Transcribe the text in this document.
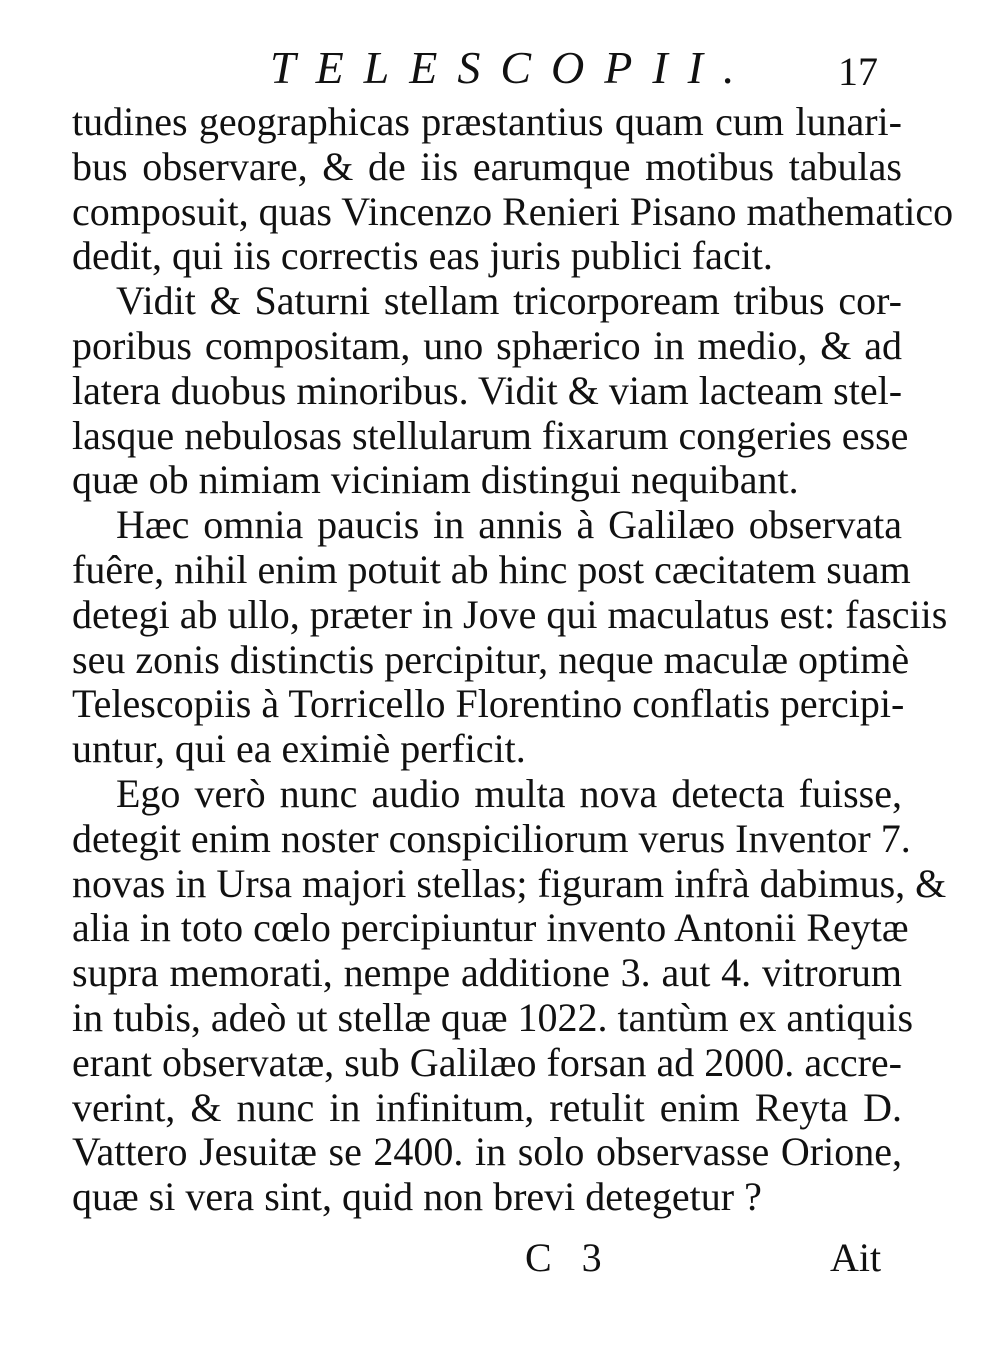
TELESCOPII. 17
tudines geographicas præstantius quam cum lunari-
bus observare, & de iis earumque motibus tabulas
composuit, quas Vincenzo Renieri Pisano mathematico
dedit, qui iis correctis eas juris publici facit.
Vidit & Saturni stellam tricorpoream tribus cor-
poribus compositam, uno sphærico in medio, & ad
latera duobus minoribus. Vidit & viam lacteam stel-
lasque nebulosas stellularum fixarum congeries esse
quæ ob nimiam viciniam distingui nequibant.
Hæc omnia paucis in annis à Galilæo observata
fuêre, nihil enim potuit ab hinc post cæcitatem suam
detegi ab ullo, præter in Jove qui maculatus est: fasciis
seu zonis distinctis percipitur, neque maculæ optimè
Telescopiis à Torricello Florentino conflatis percipi-
untur, qui ea eximiè perficit.
Ego verò nunc audio multa nova detecta fuisse,
detegit enim noster conspiciliorum verus Inventor 7.
novas in Ursa majori stellas; figuram infrà dabimus, &
alia in toto cœlo percipiuntur invento Antonii Reytæ
supra memorati, nempe additione 3. aut 4. vitrorum
in tubis, adeò ut stellæ quæ 1022. tantùm ex antiquis
erant observatæ, sub Galilæo forsan ad 2000. accre-
verint, & nunc in infinitum, retulit enim Reyta D.
Vattero Jesuitæ se 2400. in solo observasse Orione,
quæ si vera sint, quid non brevi detegetur ?
C 3	Ait
